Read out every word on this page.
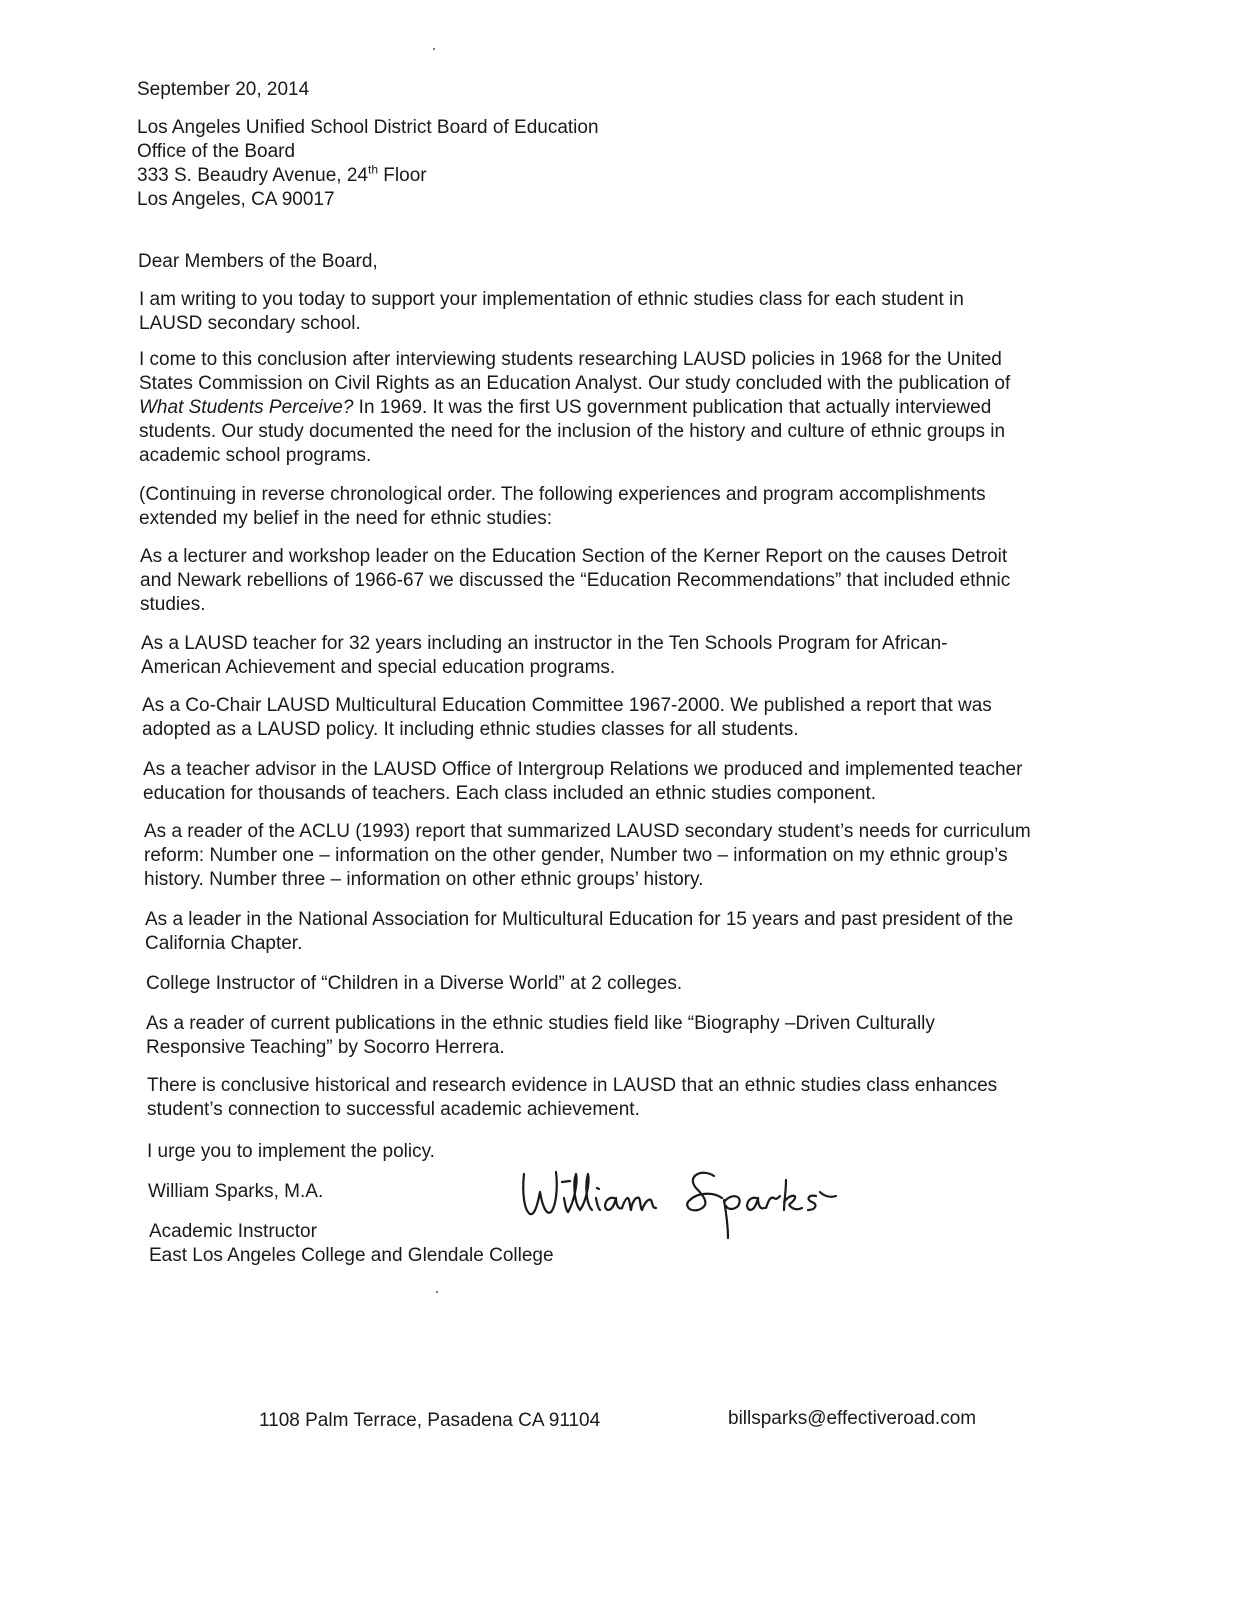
September 20, 2014
Los Angeles Unified School District Board of Education
Office of the Board
333 S. Beaudry Avenue, 24th Floor
Los Angeles, CA 90017
Dear Members of the Board,
I am writing to you today to support your implementation of ethnic studies class for each student in
LAUSD secondary school.
I come to this conclusion after interviewing students researching LAUSD policies in 1968 for the United
States Commission on Civil Rights as an Education Analyst. Our study concluded with the publication of
What Students Perceive? In 1969. It was the first US government publication that actually interviewed
students. Our study documented the need for the inclusion of the history and culture of ethnic groups in
academic school programs.
(Continuing in reverse chronological order. The following experiences and program accomplishments
extended my belief in the need for ethnic studies:
As a lecturer and workshop leader on the Education Section of the Kerner Report on the causes Detroit
and Newark rebellions of 1966-67 we discussed the “Education Recommendations” that included ethnic
studies.
As a LAUSD teacher for 32 years including an instructor in the Ten Schools Program for African-
American Achievement and special education programs.
As a Co-Chair LAUSD Multicultural Education Committee 1967-2000. We published a report that was
adopted as a LAUSD policy. It including ethnic studies classes for all students.
As a teacher advisor in the LAUSD Office of Intergroup Relations we produced and implemented teacher
education for thousands of teachers. Each class included an ethnic studies component.
As a reader of the ACLU (1993) report that summarized LAUSD secondary student’s needs for curriculum
reform: Number one – information on the other gender, Number two – information on my ethnic group’s
history. Number three – information on other ethnic groups’ history.
As a leader in the National Association for Multicultural Education for 15 years and past president of the
California Chapter.
College Instructor of “Children in a Diverse World” at 2 colleges.
As a reader of current publications in the ethnic studies field like “Biography –Driven Culturally
Responsive Teaching” by Socorro Herrera.
There is conclusive historical and research evidence in LAUSD that an ethnic studies class enhances
student’s connection to successful academic achievement.
I urge you to implement the policy.
William Sparks, M.A.
Academic Instructor
East Los Angeles College and Glendale College
1108 Palm Terrace, Pasadena CA 91104	billsparks@effectiveroad.com
